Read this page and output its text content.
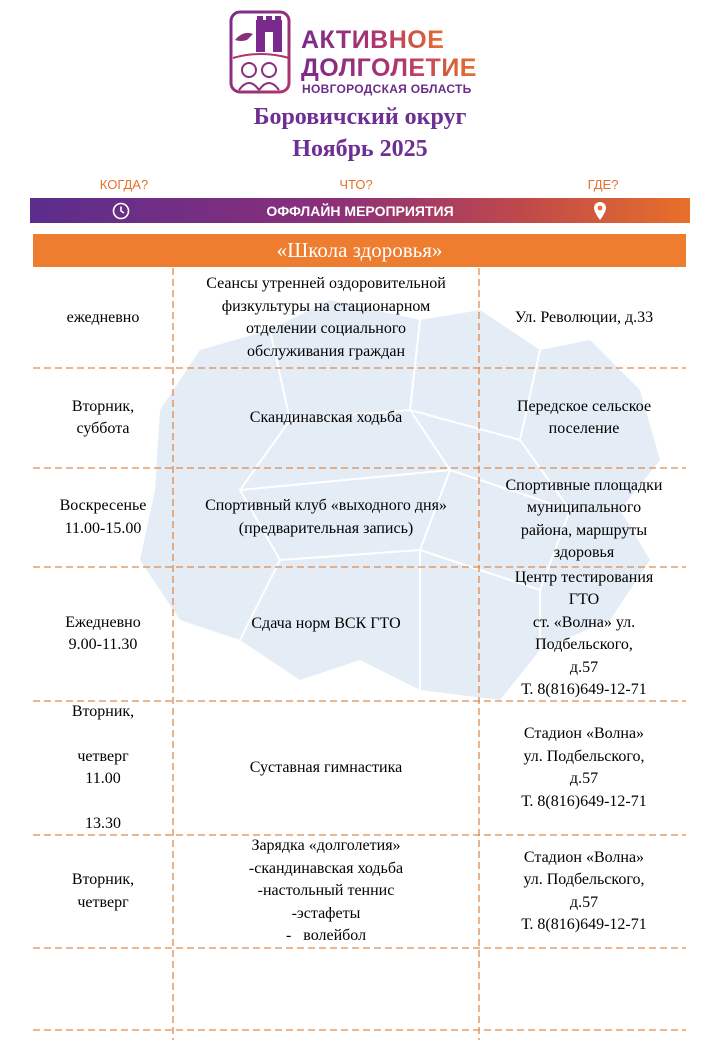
АКТИВНОЕ
ДОЛГОЛЕТИЕ
НОВГОРОДСКАЯ ОБЛАСТЬ
Боровичский округ
Ноябрь 2025
КОГДА?	ЧТО?	ГДЕ?
ОФФЛАЙН МЕРОПРИЯТИЯ
«Школа здоровья»
ежедневно
Сеансы утренней оздоровительной
физкультуры на стационарном
отделении социального
обслуживания граждан
Ул. Революции, д.33
Вторник,
суббота
Скандинавская ходьба
Передское сельское
поселение
Воскресенье
11.00-15.00
Спортивный клуб «выходного дня»
(предварительная запись)
Спортивные площадки
муниципального
района, маршруты
здоровья
Ежедневно
9.00-11.30
Сдача норм ВСК ГТО
Центр тестирования
ГТО
ст. «Волна» ул.
Подбельского,
д.57
Т. 8(816)649-12-71
Вторник,
четверг
11.00
13.30
Суставная гимнастика
Стадион «Волна»
ул. Подбельского,
д.57
Т. 8(816)649-12-71
Вторник,
четверг
Зарядка «долголетия»
-скандинавская ходьба
-настольный теннис
-эстафеты
-   волейбол
Стадион «Волна»
ул. Подбельского,
д.57
Т. 8(816)649-12-71
